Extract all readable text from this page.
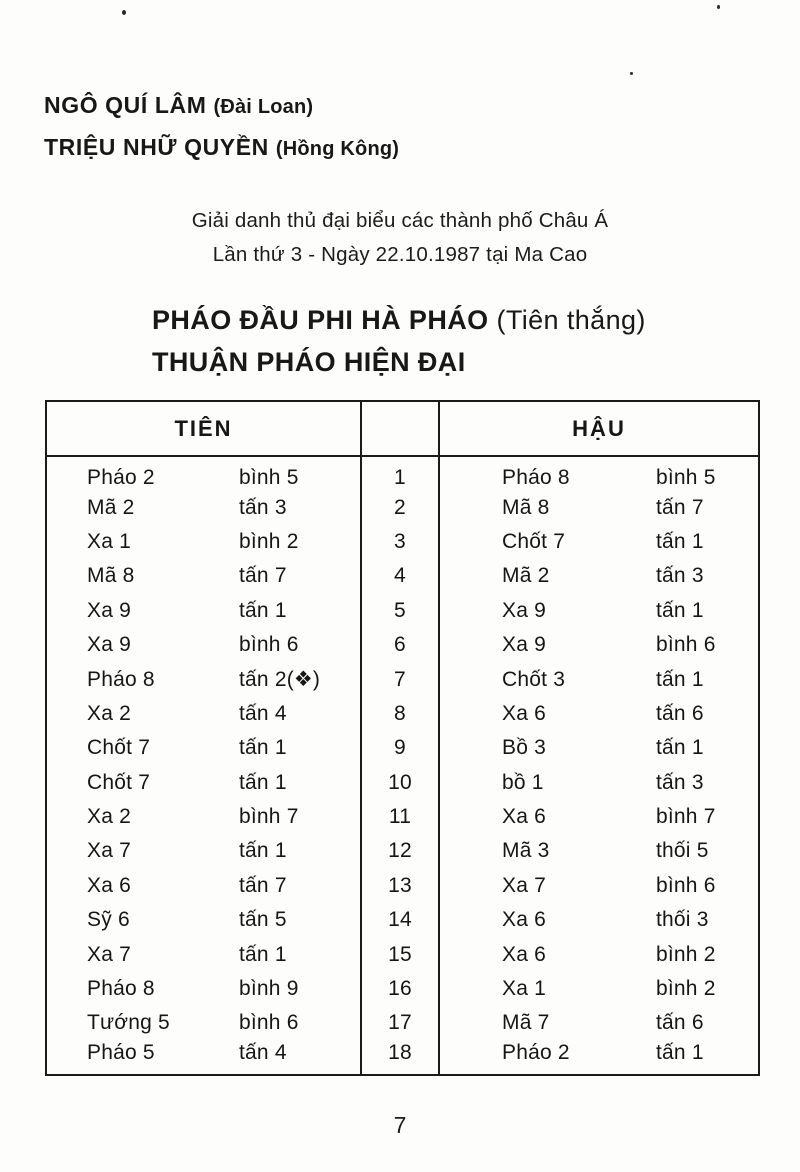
NGÔ QUÍ LÂM (Đài Loan)
TRIỆU NHỮ QUYỀN (Hồng Kông)
Giải danh thủ đại biểu các thành phố Châu Á
Lần thứ 3 - Ngày 22.10.1987 tại Ma Cao
PHÁO ĐẦU PHI HÀ PHÁO (Tiên thắng)
THUẬN PHÁO HIỆN ĐẠI
TIÊN			HẬU	
Pháo 2	bình 5	1	Pháo 8	bình 5
Mã 2	tấn 3	2	Mã 8	tấn 7
Xa 1	bình 2	3	Chốt 7	tấn 1
Mã 8	tấn 7	4	Mã 2	tấn 3
Xa 9	tấn 1	5	Xa 9	tấn 1
Xa 9	bình 6	6	Xa 9	bình 6
Pháo 8	tấn 2(❖)	7	Chốt 3	tấn 1
Xa 2	tấn 4	8	Xa 6	tấn 6
Chốt 7	tấn 1	9	Bồ 3	tấn 1
Chốt 7	tấn 1	10	bồ 1	tấn 3
Xa 2	bình 7	11	Xa 6	bình 7
Xa 7	tấn 1	12	Mã 3	thối 5
Xa 6	tấn 7	13	Xa 7	bình 6
Sỹ 6	tấn 5	14	Xa 6	thối 3
Xa 7	tấn 1	15	Xa 6	bình 2
Pháo 8	bình 9	16	Xa 1	bình 2
Tướng 5	bình 6	17	Mã 7	tấn 6
Pháo 5	tấn 4	18	Pháo 2	tấn 1
7
